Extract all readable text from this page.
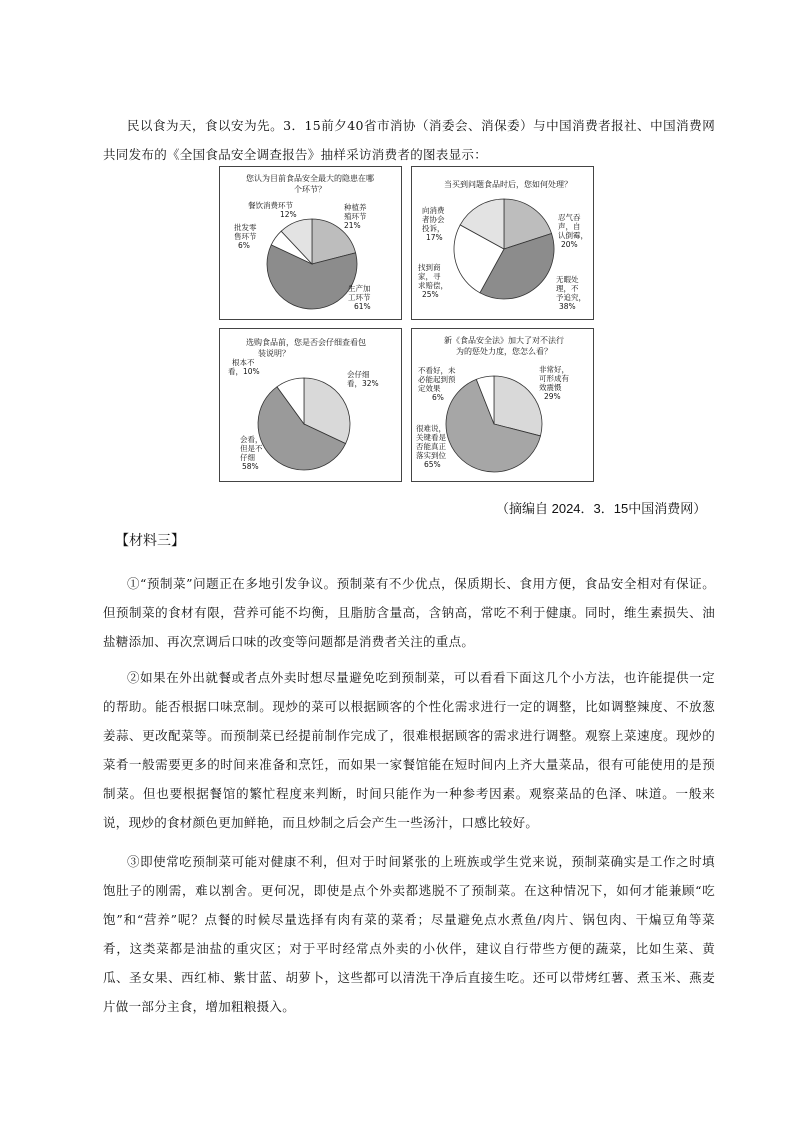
民以食为天，食以安为先。3．15前夕40省市消协（消委会、消保委）与中国消费者报社、中国消费网共同发布的《全国食品安全调查报告》抽样采访消费者的图表显示：

您认为目前食品安全最大的隐患在哪
个环节？
种植养殖环节 21%
生产加工环节 61%
批发零售环节 6%
餐饮消费环节 12%
当买到问题食品时后，您如何处理？
忍气吞声，自认倒霉， 20%
无暇处理，不予追究， 38%
找到商家，寻求赔偿， 25%
向消费者协会投诉， 17%
选购食品前，您是否会仔细查看包
装说明？
会仔细看，32%
会看，但是不仔细 58%
根本不看，10%
新《食品安全法》加大了对不法行
为的惩处力度，您怎么看？
非常好，可形成有效震慑 29%
很难说，关键看是否能真正落实到位 65%
不看好，未必能起到预定效果 6%
（摘编自 2024．3．15中国消费网）
【材料三】

①“预制菜”问题正在多地引发争议。预制菜有不少优点，保质期长、食用方便，食品安全相对有保证。但预制菜的食材有限，营养可能不均衡，且脂肪含量高，含钠高，常吃不利于健康。同时，维生素损失、油盐糖添加、再次烹调后口味的改变等问题都是消费者关注的重点。

②如果在外出就餐或者点外卖时想尽量避免吃到预制菜，可以看看下面这几个小方法，也许能提供一定的帮助。能否根据口味烹制。现炒的菜可以根据顾客的个性化需求进行一定的调整，比如调整辣度、不放葱姜蒜、更改配菜等。而预制菜已经提前制作完成了，很难根据顾客的需求进行调整。观察上菜速度。现炒的菜肴一般需要更多的时间来准备和烹饪，而如果一家餐馆能在短时间内上齐大量菜品，很有可能使用的是预制菜。但也要根据餐馆的繁忙程度来判断，时间只能作为一种参考因素。观察菜品的色泽、味道。一般来说，现炒的食材颜色更加鲜艳，而且炒制之后会产生一些汤汁，口感比较好。

③即使常吃预制菜可能对健康不利，但对于时间紧张的上班族或学生党来说，预制菜确实是工作之时填饱肚子的刚需，难以割舍。更何况，即使是点个外卖都逃脱不了预制菜。在这种情况下，如何才能兼顾“吃饱”和“营养”呢？点餐的时候尽量选择有肉有菜的菜肴；尽量避免点水煮鱼/肉片、锅包肉、干煸豆角等菜肴，这类菜都是油盐的重灾区；对于平时经常点外卖的小伙伴，建议自行带些方便的蔬菜，比如生菜、黄瓜、圣女果、西红柿、紫甘蓝、胡萝卜，这些都可以清洗干净后直接生吃。还可以带烤红薯、煮玉米、燕麦片做一部分主食，增加粗粮摄入。
